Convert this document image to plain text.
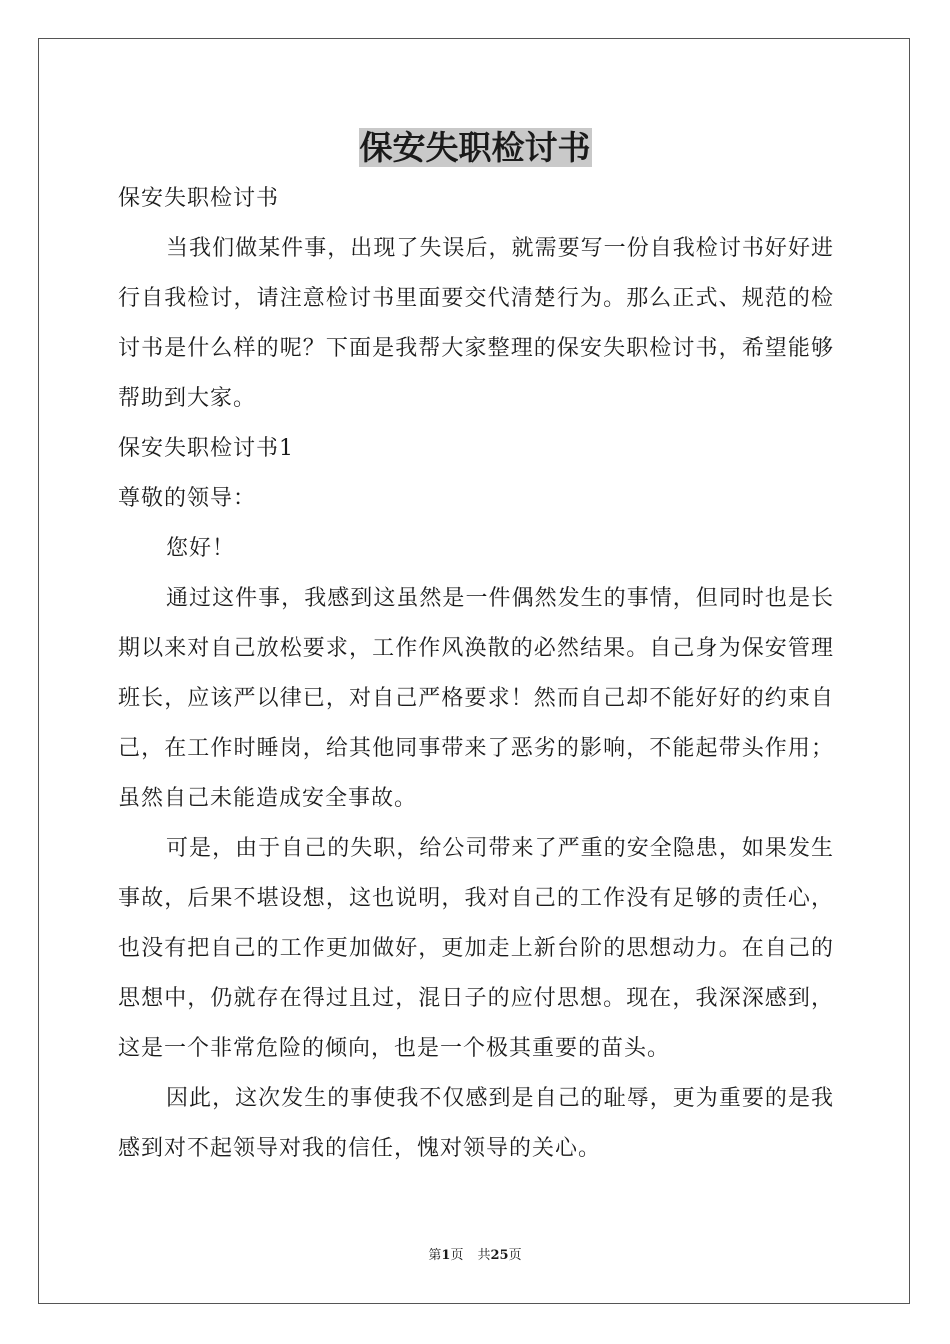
保安失职检讨书

保安失职检讨书

当我们做某件事，出现了失误后，就需要写一份自我检讨书好好进行自我检讨，请注意检讨书里面要交代清楚行为。那么正式、规范的检讨书是什么样的呢？下面是我帮大家整理的保安失职检讨书，希望能够帮助到大家。

保安失职检讨书1

尊敬的领导：

您好！

通过这件事，我感到这虽然是一件偶然发生的事情，但同时也是长期以来对自己放松要求，工作作风涣散的必然结果。自己身为保安管理班长，应该严以律已，对自己严格要求！然而自己却不能好好的约束自己，在工作时睡岗，给其他同事带来了恶劣的影响，不能起带头作用；虽然自己未能造成安全事故。

可是，由于自己的失职，给公司带来了严重的安全隐患，如果发生事故，后果不堪设想，这也说明，我对自己的工作没有足够的责任心，也没有把自己的工作更加做好，更加走上新台阶的思想动力。在自己的思想中，仍就存在得过且过，混日子的应付思想。现在，我深深感到，这是一个非常危险的倾向，也是一个极其重要的苗头。

因此，这次发生的事使我不仅感到是自己的耻辱，更为重要的是我感到对不起领导对我的信任，愧对领导的关心。

第1页 共25页
